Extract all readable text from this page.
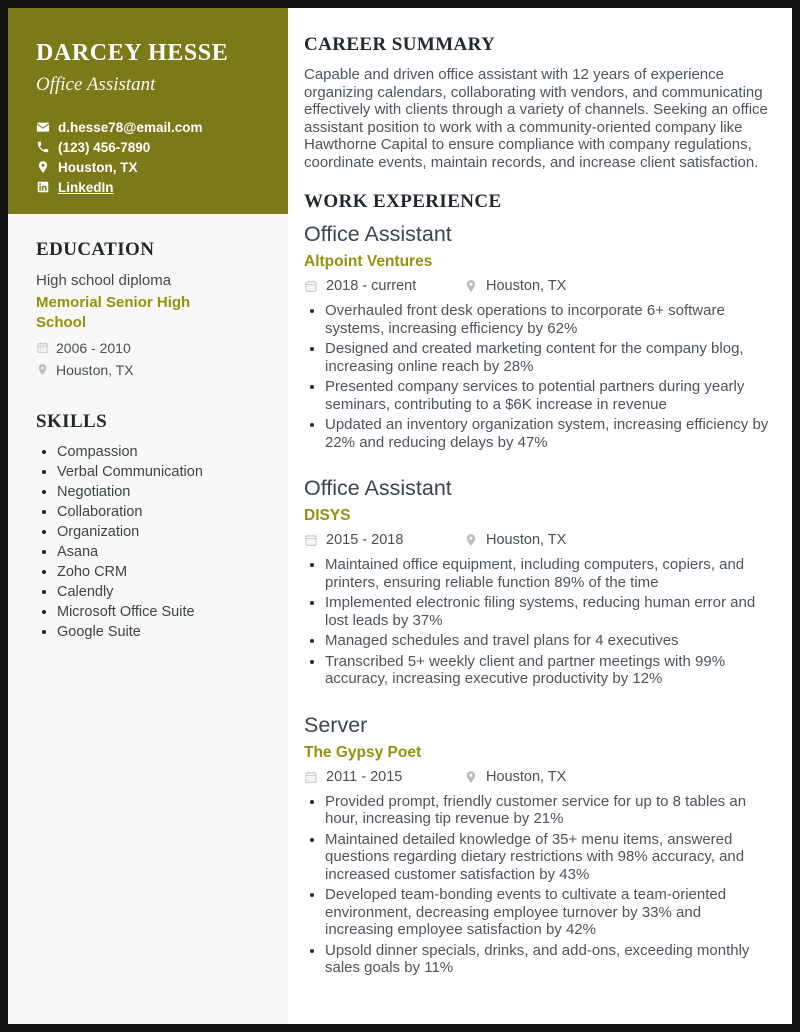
DARCEY HESSE
Office Assistant
d.hesse78@email.com
(123) 456-7890
Houston, TX
LinkedIn
EDUCATION
High school diploma
Memorial Senior High School
2006 - 2010
Houston, TX
SKILLS
• Compassion
• Verbal Communication
• Negotiation
• Collaboration
• Organization
• Asana
• Zoho CRM
• Calendly
• Microsoft Office Suite
• Google Suite
CAREER SUMMARY

Capable and driven office assistant with 12 years of experience organizing calendars, collaborating with vendors, and communicating effectively with clients through a variety of channels. Seeking an office assistant position to work with a community-oriented company like Hawthorne Capital to ensure compliance with company regulations, coordinate events, maintain records, and increase client satisfaction.

WORK EXPERIENCE
Office Assistant
Altpoint Ventures
2018 - current	Houston, TX
• Overhauled front desk operations to incorporate 6+ software systems, increasing efficiency by 62%
• Designed and created marketing content for the company blog, increasing online reach by 28%
• Presented company services to potential partners during yearly seminars, contributing to a $6K increase in revenue
• Updated an inventory organization system, increasing efficiency by 22% and reducing delays by 47%
Office Assistant
DISYS
2015 - 2018	Houston, TX
• Maintained office equipment, including computers, copiers, and printers, ensuring reliable function 89% of the time
• Implemented electronic filing systems, reducing human error and lost leads by 37%
• Managed schedules and travel plans for 4 executives
• Transcribed 5+ weekly client and partner meetings with 99% accuracy, increasing executive productivity by 12%
Server
The Gypsy Poet
2011 - 2015	Houston, TX
• Provided prompt, friendly customer service for up to 8 tables an hour, increasing tip revenue by 21%
• Maintained detailed knowledge of 35+ menu items, answered questions regarding dietary restrictions with 98% accuracy, and increased customer satisfaction by 43%
• Developed team-bonding events to cultivate a team-oriented environment, decreasing employee turnover by 33% and increasing employee satisfaction by 42%
• Upsold dinner specials, drinks, and add-ons, exceeding monthly sales goals by 11%
